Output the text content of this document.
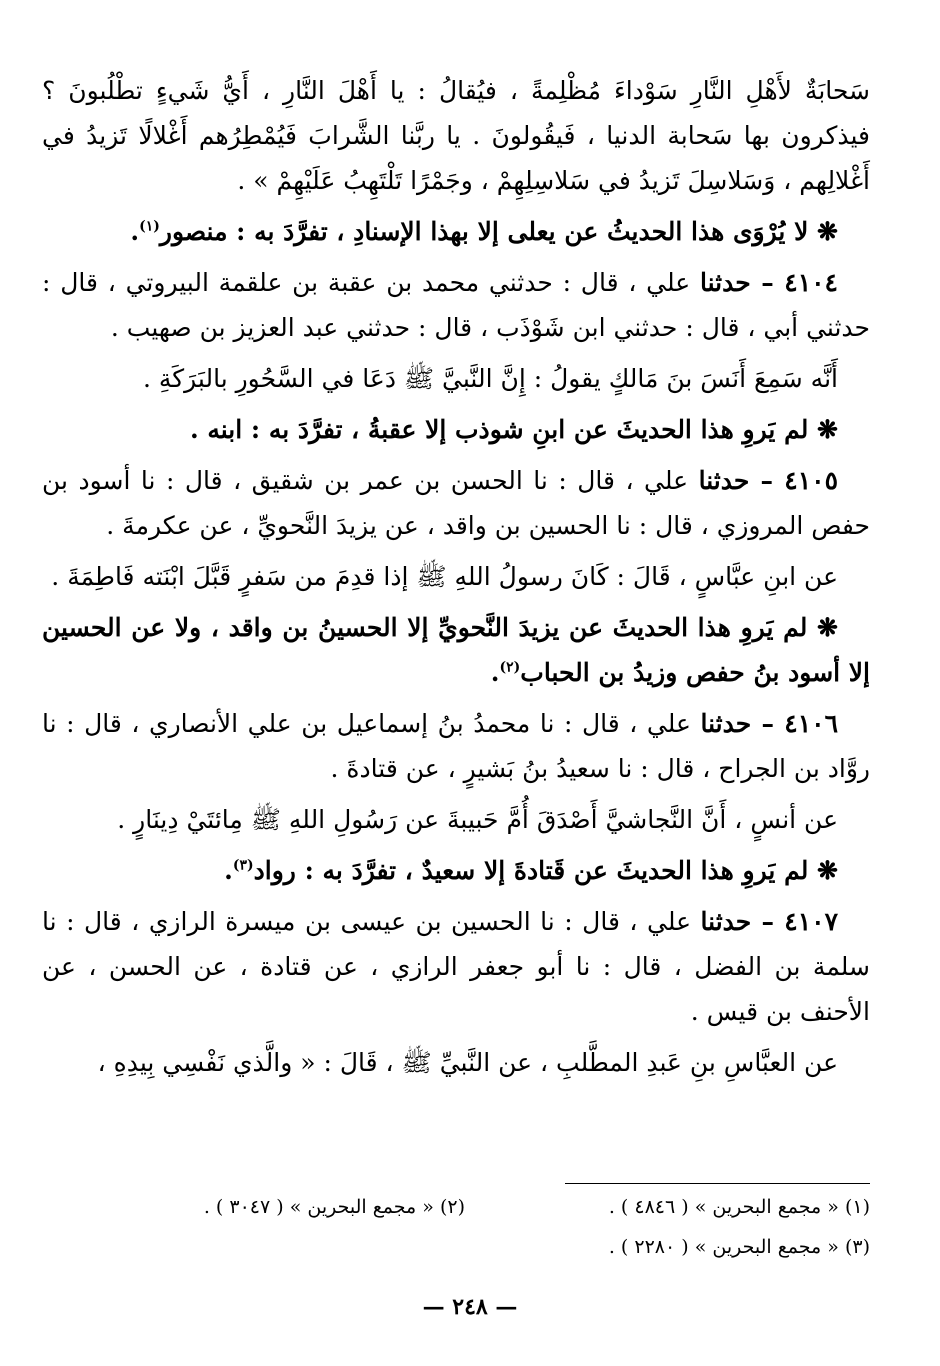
سَحابَةٌ لأَهْلِ النَّارِ سَوْداءَ مُظْلِمةً ، فيُقالُ : يا أَهْلَ النَّارِ ، أَيُّ شَيءٍ تطْلُبونَ ؟ فيذكرون بها سَحابة الدنيا ، فَيقُولونَ . يا ربَّنا الشَّرابَ فَيُمْطِرُهم أَغْلالًا تَزيدُ في أَغْلالِهم ، وَسَلاسِلَ تَزيدُ في سَلاسِلِهِمْ ، وجَمْرًا تَلْتَهِبُ عَلَيْهِمْ » .

❋ لا يُرْوَى هذا الحديثُ عن يعلى إلا بهذا الإسنادِ ، تفرَّدَ به : منصور$^{(١)}$.

٤١٠٤ – حدثنا علي ، قال : حدثني محمد بن عقبة بن علقمة البيروتي ، قال : حدثني أبي ، قال : حدثني ابن شَوْذَب ، قال : حدثني عبد العزيز بن صهيب .

أَنَّه سَمِعَ أَنَسَ بنَ مَالكٍ يقولُ : إِنَّ النَّبيَّ ﷺ دَعَا في السَّحُورِ بالبَرَكَةِ .

❋ لم يَروِ هذا الحديثَ عن ابنِ شوذب إلا عقبةُ ، تفرَّدَ به : ابنه .

٤١٠٥ – حدثنا علي ، قال : نا الحسن بن عمر بن شقيق ، قال : نا أسود بن حفص المروزي ، قال : نا الحسين بن واقد ، عن يزيدَ النَّحويِّ ، عن عكرمةَ .

عن ابنِ عبَّاسٍ ، قَالَ : كَانَ رسولُ اللهِ ﷺ إذا قدِمَ من سَفرٍ قَبَّلَ ابْنَته فَاطِمَةَ .

❋ لم يَروِ هذا الحديثَ عن يزيدَ النَّحويِّ إلا الحسينُ بن واقد ، ولا عن الحسين إلا أسود بنُ حفص وزيدُ بن الحباب$^{(٢)}$.

٤١٠٦ – حدثنا علي ، قال : نا محمدُ بنُ إسماعيل بن علي الأنصاري ، قال : نا روَّاد بن الجراح ، قال : نا سعيدُ بنُ بَشيرٍ ، عن قتادةَ .

عن أنسٍ ، أَنَّ النَّجاشيَّ أَصْدَقَ أُمَّ حَبيبةَ عن رَسُولِ اللهِ ﷺ مِائتَيْ دِينَارٍ .

❋ لم يَروِ هذا الحديثَ عن قَتادةَ إلا سعيدٌ ، تفرَّدَ به : رواد$^{(٣)}$.

٤١٠٧ – حدثنا علي ، قال : نا الحسين بن عيسى بن ميسرة الرازي ، قال : نا سلمة بن الفضل ، قال : نا أبو جعفر الرازي ، عن قتادة ، عن الحسن ، عن الأحنف بن قيس .

عن العبَّاسِ بنِ عَبدِ المطَّلبِ ، عن النَّبيِّ ﷺ ، قَالَ : « والَّذي نَفْسِي بِيدِهِ ،

(١) « مجمع البحرين » ( ٤٨٤٦ ) .
(٢) « مجمع البحرين » ( ٣٠٤٧ ) .
(٣) « مجمع البحرين » ( ٢٢٨٠ ) .
— ٢٤٨ —
